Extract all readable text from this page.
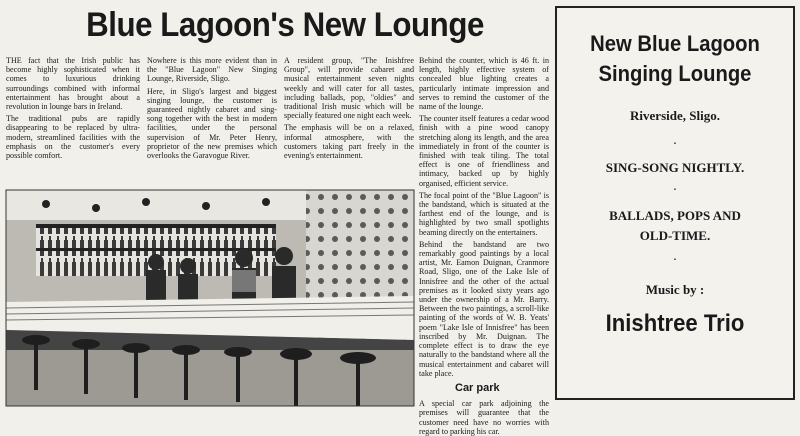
Blue Lagoon's New Lounge

THE fact that the Irish public has become highly sophisticated when it comes to luxurious drinking surroundings combined with informal entertainment has brought about a revolution in lounge bars in Ireland.

The traditional pubs are rapidly disappearing to be replaced by ultra-modern, streamlined facilities with the emphasis on the customer's every possible comfort.

Nowhere is this more evident than in the "Blue Lagoon" New Singing Lounge, Riverside, Sligo.

Here, in Sligo's largest and biggest singing lounge, the customer is guaranteed nightly cabaret and sing-song together with the best in modern facilities, under the personal supervision of Mr. Peter Henry, proprietor of the new premises which overlooks the Garavogue River.

A resident group, "The Inishfree Group", will provide cabaret and musical entertainment seven nights weekly and will cater for all tastes, including ballads, pop, "oldies" and traditional Irish music which will be specially featured one night each week.

The emphasis will be on a relaxed, informal atmosphere, with the customers taking part freely in the evening's entertainment.

Behind the counter, which is 46 ft. in length, highly effective system of concealed blue lighting creates a particularly intimate impression and serves to remind the customer of the name of the lounge.

The counter itself features a cedar wood finish with a pine wood canopy stretching along its length, and the area immediately in front of the counter is finished with teak tiling. The total effect is one of friendliness and intimacy, backed up by highly organised, efficient service.

The focal point of the "Blue Lagoon" is the bandstand, which is situated at the farthest end of the lounge, and is highlighted by two small spotlights beaming directly on the entertainers.

Behind the bandstand are two remarkably good paintings by a local artist, Mr. Eamon Duignan, Cranmore Road, Sligo, one of the Lake Isle of Innisfree and the other of the actual premises as it looked sixty years ago under the ownership of a Mr. Barry. Between the two paintings, a scroll-like painting of the words of W. B. Yeats' poem "Lake Isle of Innisfree" has been inscribed by Mr. Duignan. The complete effect is to draw the eye naturally to the bandstand where all the musical entertainment and cabaret will take place.

Car park

A special car park adjoining the premises will guarantee that the customer need have no worries with regard to parking his car.

New Blue Lagoon
Singing Lounge
Riverside, Sligo.
·
SING-SONG NIGHTLY.
·
BALLADS, POPS AND
OLD-TIME.
·
Music by :
Inishtree Trio
